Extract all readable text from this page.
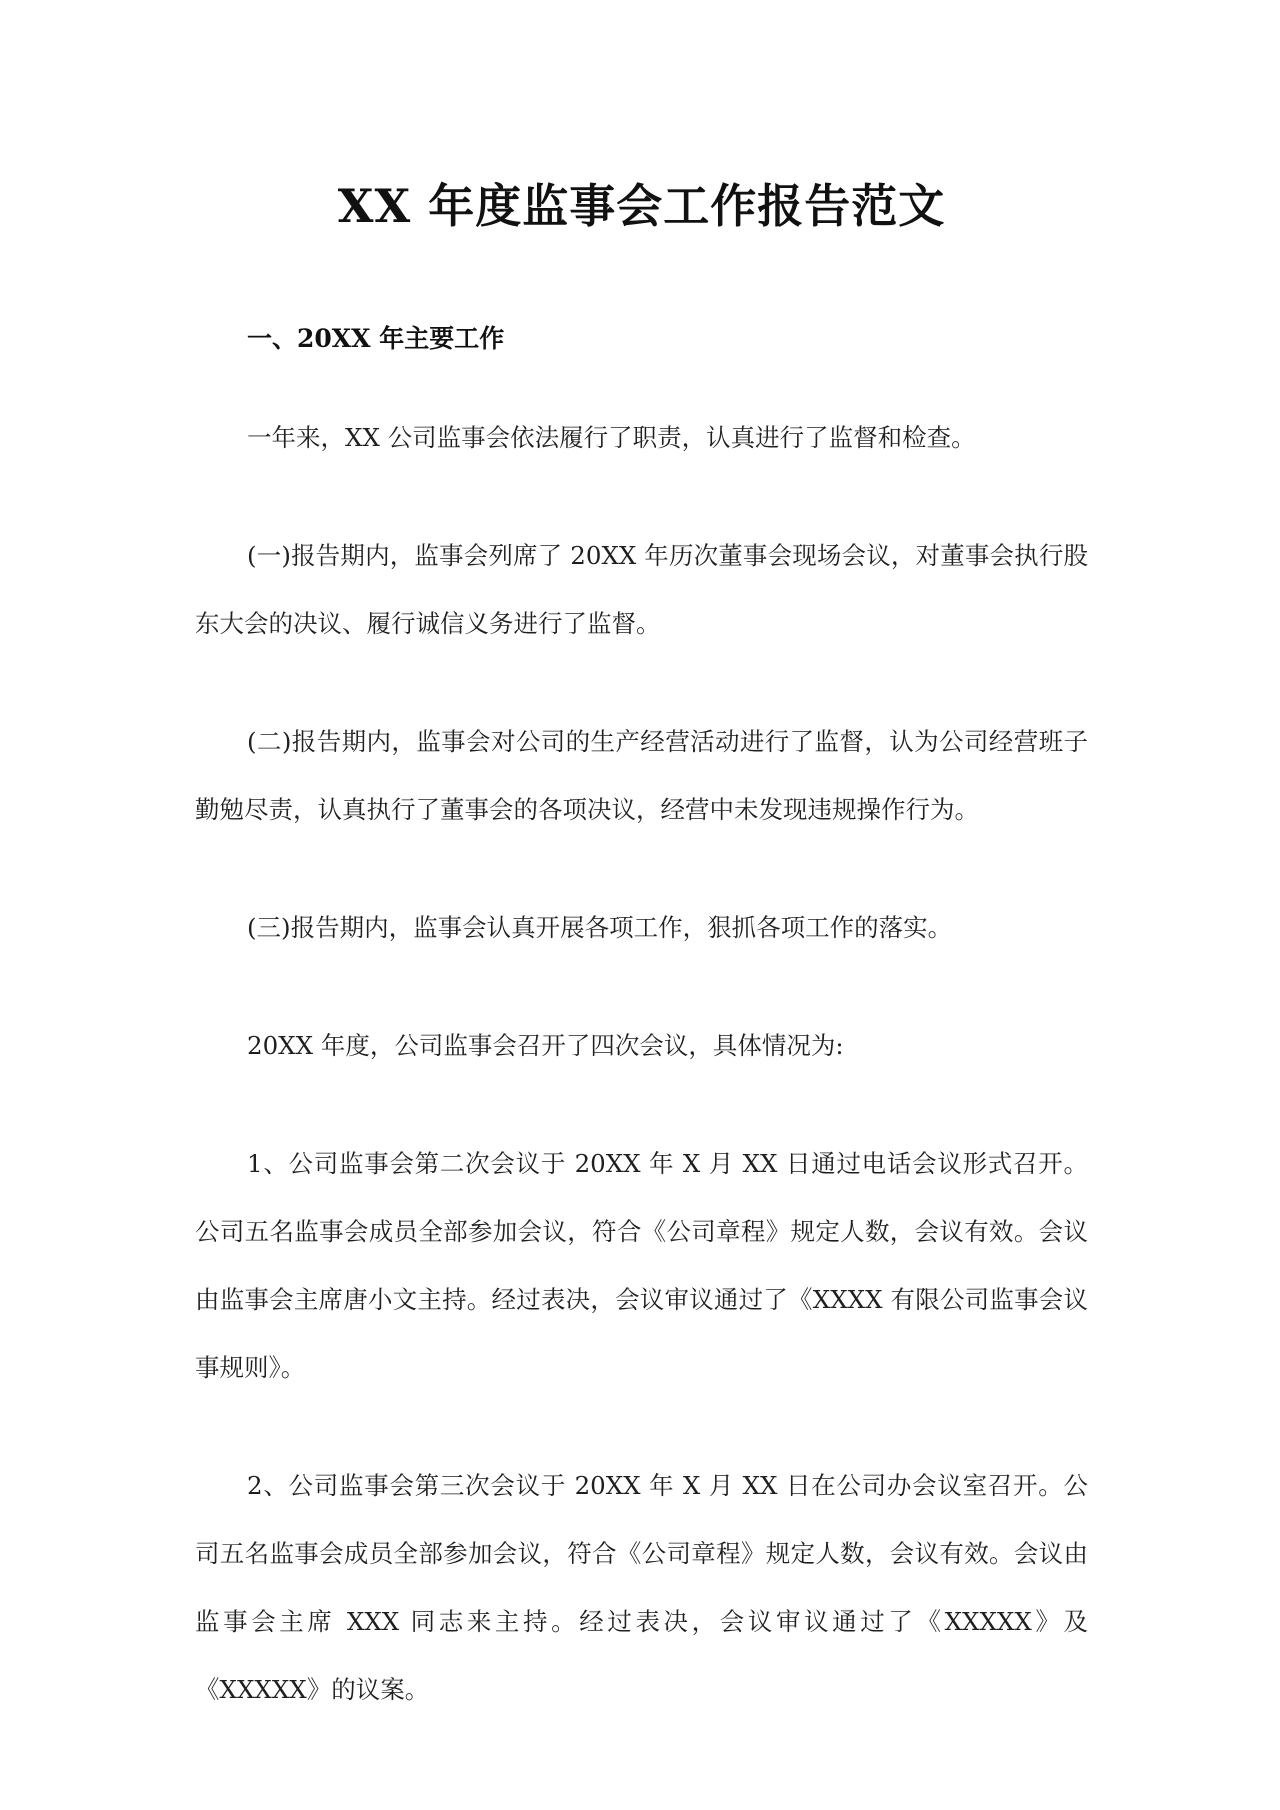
XX 年度监事会工作报告范文

一、20XX 年主要工作

一年来，XX 公司监事会依法履行了职责，认真进行了监督和检查。

(一)报告期内，监事会列席了 20XX 年历次董事会现场会议，对董事会执行股东大会的决议、履行诚信义务进行了监督。

(二)报告期内，监事会对公司的生产经营活动进行了监督，认为公司经营班子勤勉尽责，认真执行了董事会的各项决议，经营中未发现违规操作行为。

(三)报告期内，监事会认真开展各项工作，狠抓各项工作的落实。

20XX 年度，公司监事会召开了四次会议，具体情况为:

1、公司监事会第二次会议于 20XX 年 X 月 XX 日通过电话会议形式召开。公司五名监事会成员全部参加会议，符合《公司章程》规定人数，会议有效。会议由监事会主席唐小文主持。经过表决，会议审议通过了《XXXX 有限公司监事会议事规则》。

2、公司监事会第三次会议于 20XX 年 X 月 XX 日在公司办会议室召开。公司五名监事会成员全部参加会议，符合《公司章程》规定人数，会议有效。会议由监事会主席 XXX 同志来主持。经过表决，会议审议通过了《XXXXX》及《XXXXX》的议案。
